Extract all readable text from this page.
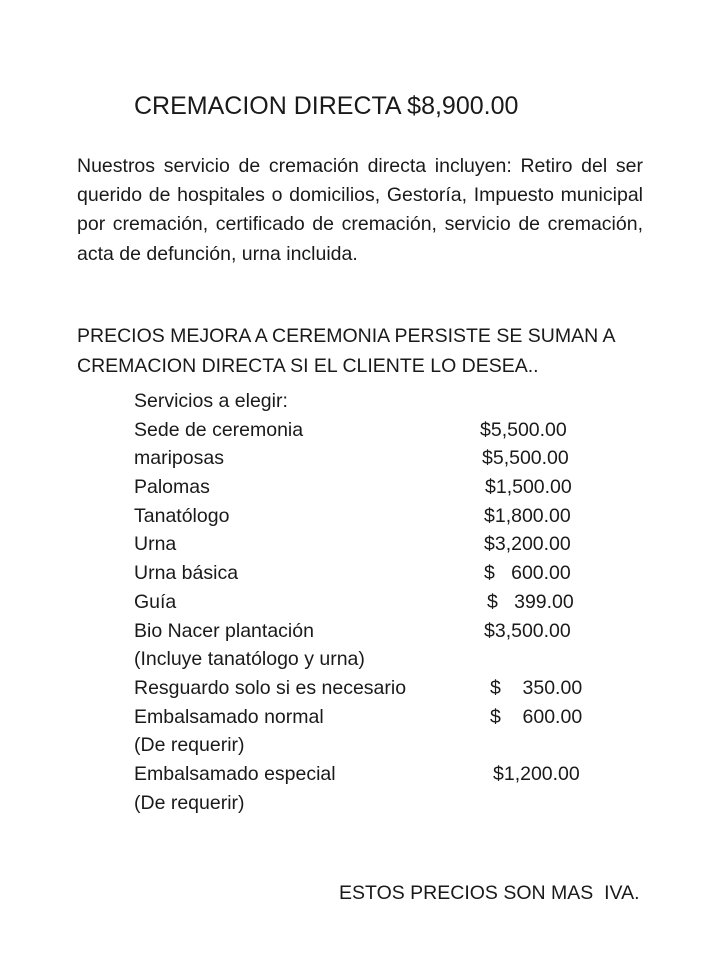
CREMACION DIRECTA $8,900.00
Nuestros servicio de cremación directa incluyen: Retiro del ser querido de hospitales o domicilios, Gestoría, Impuesto municipal por cremación, certificado de cremación, servicio de cremación, acta de defunción, urna incluida.
PRECIOS MEJORA A CEREMONIA PERSISTE SE SUMAN A
CREMACION DIRECTA SI EL CLIENTE LO DESEA..
Servicios a elegir:
Sede de ceremonia	$5,500.00
mariposas	$5,500.00
Palomas	$1,500.00
Tanatólogo	$1,800.00
Urna	$3,200.00
Urna básica	$   600.00
Guía	$   399.00
Bio Nacer plantación	$3,500.00
(Incluye tanatólogo y urna)
Resguardo solo si es necesario	$    350.00
Embalsamado normal	$    600.00
(De requerir)
Embalsamado especial	$1,200.00
(De requerir)
ESTOS PRECIOS SON MAS  IVA.
